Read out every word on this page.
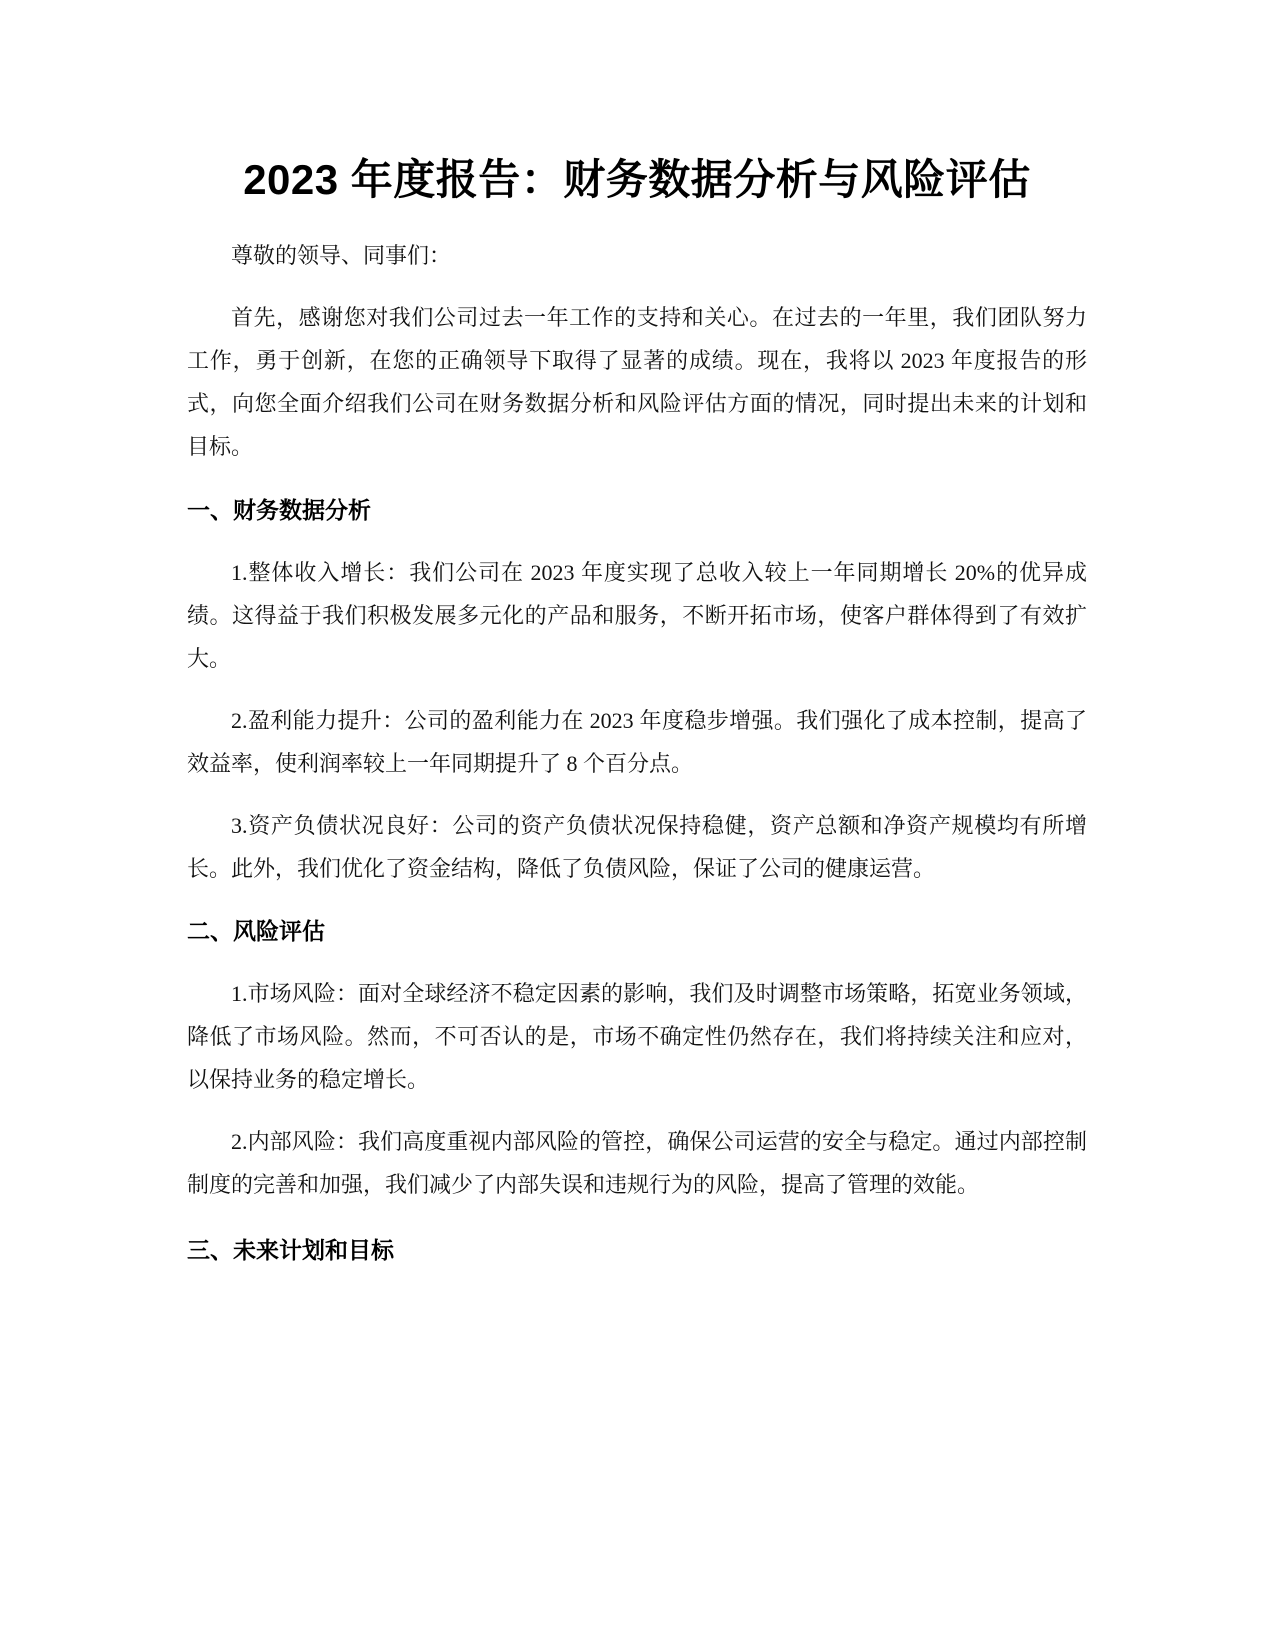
2023 年度报告：财务数据分析与风险评估

尊敬的领导、同事们：

首先，感谢您对我们公司过去一年工作的支持和关心。在过去的一年里，我们团队努力工作，勇于创新，在您的正确领导下取得了显著的成绩。现在，我将以 2023 年度报告的形式，向您全面介绍我们公司在财务数据分析和风险评估方面的情况，同时提出未来的计划和目标。

一、财务数据分析

1.整体收入增长：我们公司在 2023 年度实现了总收入较上一年同期增长 20%的优异成绩。这得益于我们积极发展多元化的产品和服务，不断开拓市场，使客户群体得到了有效扩大。

2.盈利能力提升：公司的盈利能力在 2023 年度稳步增强。我们强化了成本控制，提高了效益率，使利润率较上一年同期提升了 8 个百分点。

3.资产负债状况良好：公司的资产负债状况保持稳健，资产总额和净资产规模均有所增长。此外，我们优化了资金结构，降低了负债风险，保证了公司的健康运营。

二、风险评估

1.市场风险：面对全球经济不稳定因素的影响，我们及时调整市场策略，拓宽业务领域，降低了市场风险。然而，不可否认的是，市场不确定性仍然存在，我们将持续关注和应对，以保持业务的稳定增长。

2.内部风险：我们高度重视内部风险的管控，确保公司运营的安全与稳定。通过内部控制制度的完善和加强，我们减少了内部失误和违规行为的风险，提高了管理的效能。

三、未来计划和目标
